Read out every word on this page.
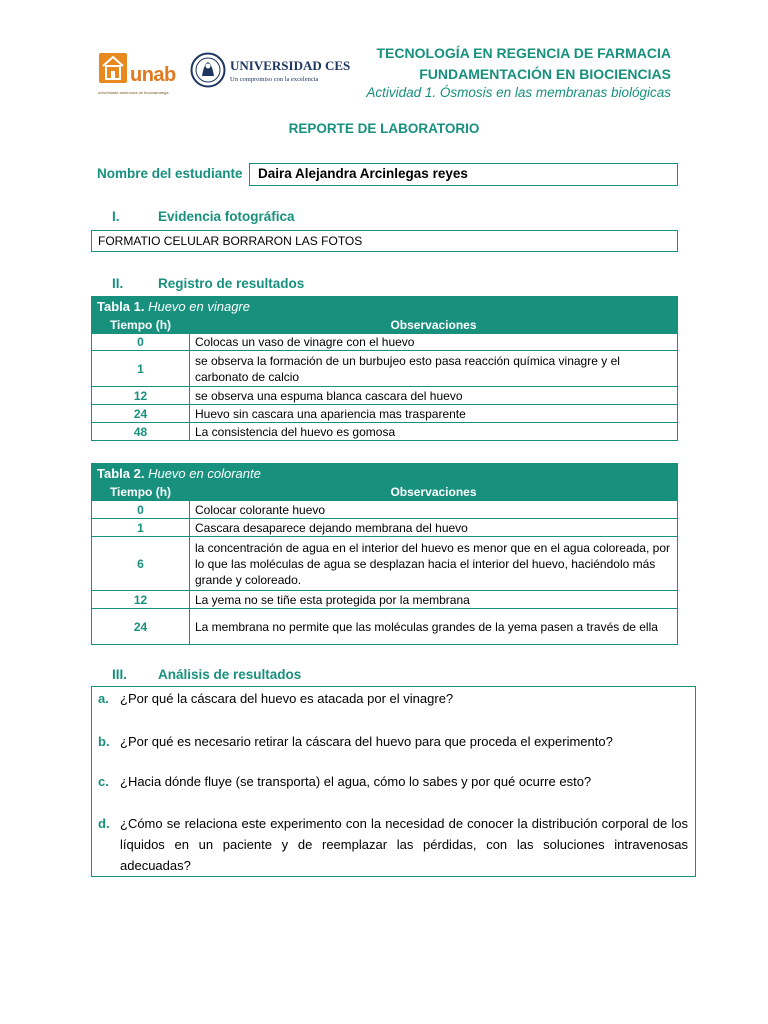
unab
universidad autónoma de bucaramanga
UNIVERSIDAD CES
Un compromiso con la excelencia
TECNOLOGÍA EN REGENCIA DE FARMACIA
FUNDAMENTACIÓN EN BIOCIENCIAS
Actividad 1. Ósmosis en las membranas biológicas
REPORTE DE LABORATORIO
Nombre del estudiante	Daira Alejandra Arcinlegas reyes
I.	Evidencia fotográfica
FORMATIO CELULAR BORRARON LAS FOTOS
II.	Registro de resultados
Tabla 1. Huevo en vinagre	
Tiempo (h)	Observaciones
0	Colocas un vaso de vinagre con el huevo
1	se observa la formación de un burbujeo esto pasa reacción química vinagre y el carbonato de calcio
12	se observa una espuma blanca cascara del huevo
24	Huevo sin cascara una apariencia mas trasparente
48	La consistencia del huevo es gomosa
Tabla 2. Huevo en colorante	
Tiempo (h)	Observaciones
0	Colocar colorante huevo
1	Cascara desaparece dejando membrana del huevo
6	la concentración de agua en el interior del huevo es menor que en el agua coloreada, por lo que las moléculas de agua se desplazan hacia el interior del huevo, haciéndolo más grande y coloreado.
12	La yema no se tiñe esta protegida por la membrana
24	La membrana no permite que las moléculas grandes de la yema pasen a través de ella
III. Análisis de resultados
a. ¿Por qué la cáscara del huevo es atacada por el vinagre?
b. ¿Por qué es necesario retirar la cáscara del huevo para que proceda el experimento?
c. ¿Hacia dónde fluye (se transporta) el agua, cómo lo sabes y por qué ocurre esto?
d. ¿Cómo se relaciona este experimento con la necesidad de conocer la distribución corporal de los líquidos en un paciente y de reemplazar las pérdidas, con las soluciones intravenosas adecuadas?
